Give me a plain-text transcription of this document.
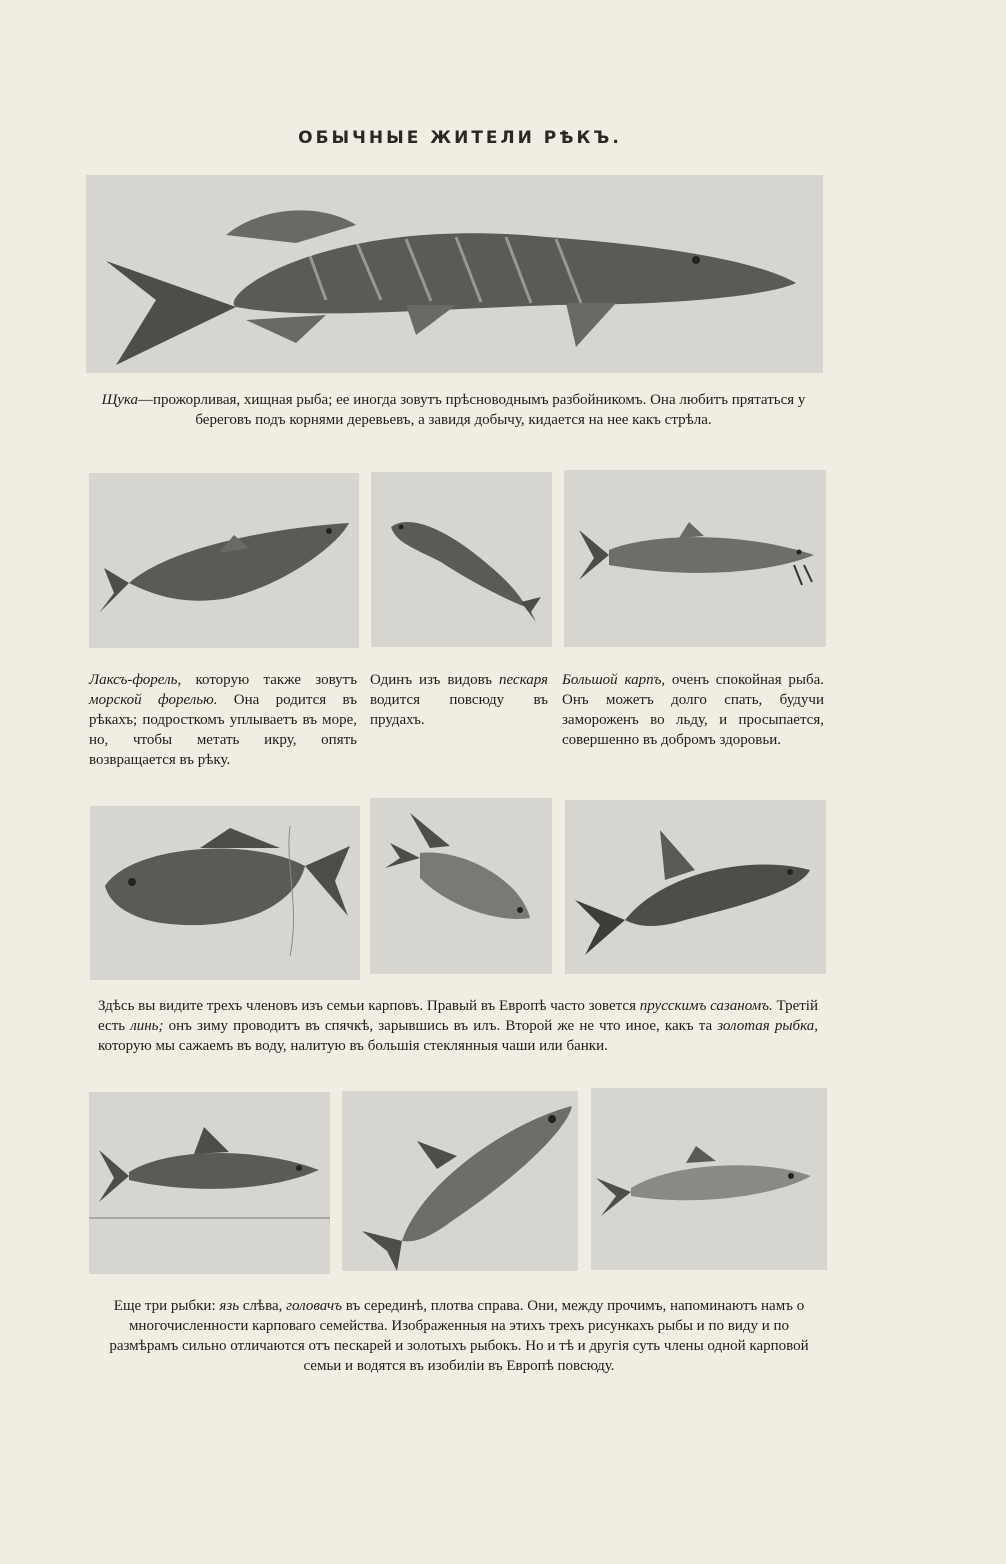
ОБЫЧНЫЕ ЖИТЕЛИ РѢКЪ.

Щука—прожорливая, хищная рыба; ее иногда зовутъ прѣсноводнымъ разбойникомъ. Она любитъ прятаться у береговъ подъ корнями деревьевъ, а завидя добычу, кидается на нее какъ стрѣла.

Лаксъ-форель, которую также зовутъ морской форелью. Она родится въ рѣкахъ; подросткомъ уплываетъ въ море, но, чтобы метать икру, опять возвращается въ рѣку.

Одинъ изъ видовъ пескаря водится повсюду въ прудахъ.

Большой карпъ, оченъ спокойная рыба. Онъ можетъ долго спать, будучи замороженъ во льду, и просыпается, совершенно въ добромъ здоровьи.

Здѣсь вы видите трехъ членовъ изъ семьи карповъ. Правый въ Европѣ часто зовется прусскимъ сазаномъ. Третій есть линь; онъ зиму проводитъ въ спячкѣ, зарывшись въ илъ. Второй же не что иное, какъ та золотая рыбка, которую мы сажаемъ въ воду, налитую въ большія стеклянныя чаши или банки.

Еще три рыбки: язь слѣва, головачъ въ серединѣ, плотва справа. Они, между прочимъ, напоминаютъ намъ о многочисленности карповаго семейства. Изображенныя на этихъ трехъ рисункахъ рыбы и по виду и по размѣрамъ сильно отличаются отъ пескарей и золотыхъ рыбокъ. Но и тѣ и другія суть члены одной карповой семьи и водятся въ изобиліи въ Европѣ повсюду.
